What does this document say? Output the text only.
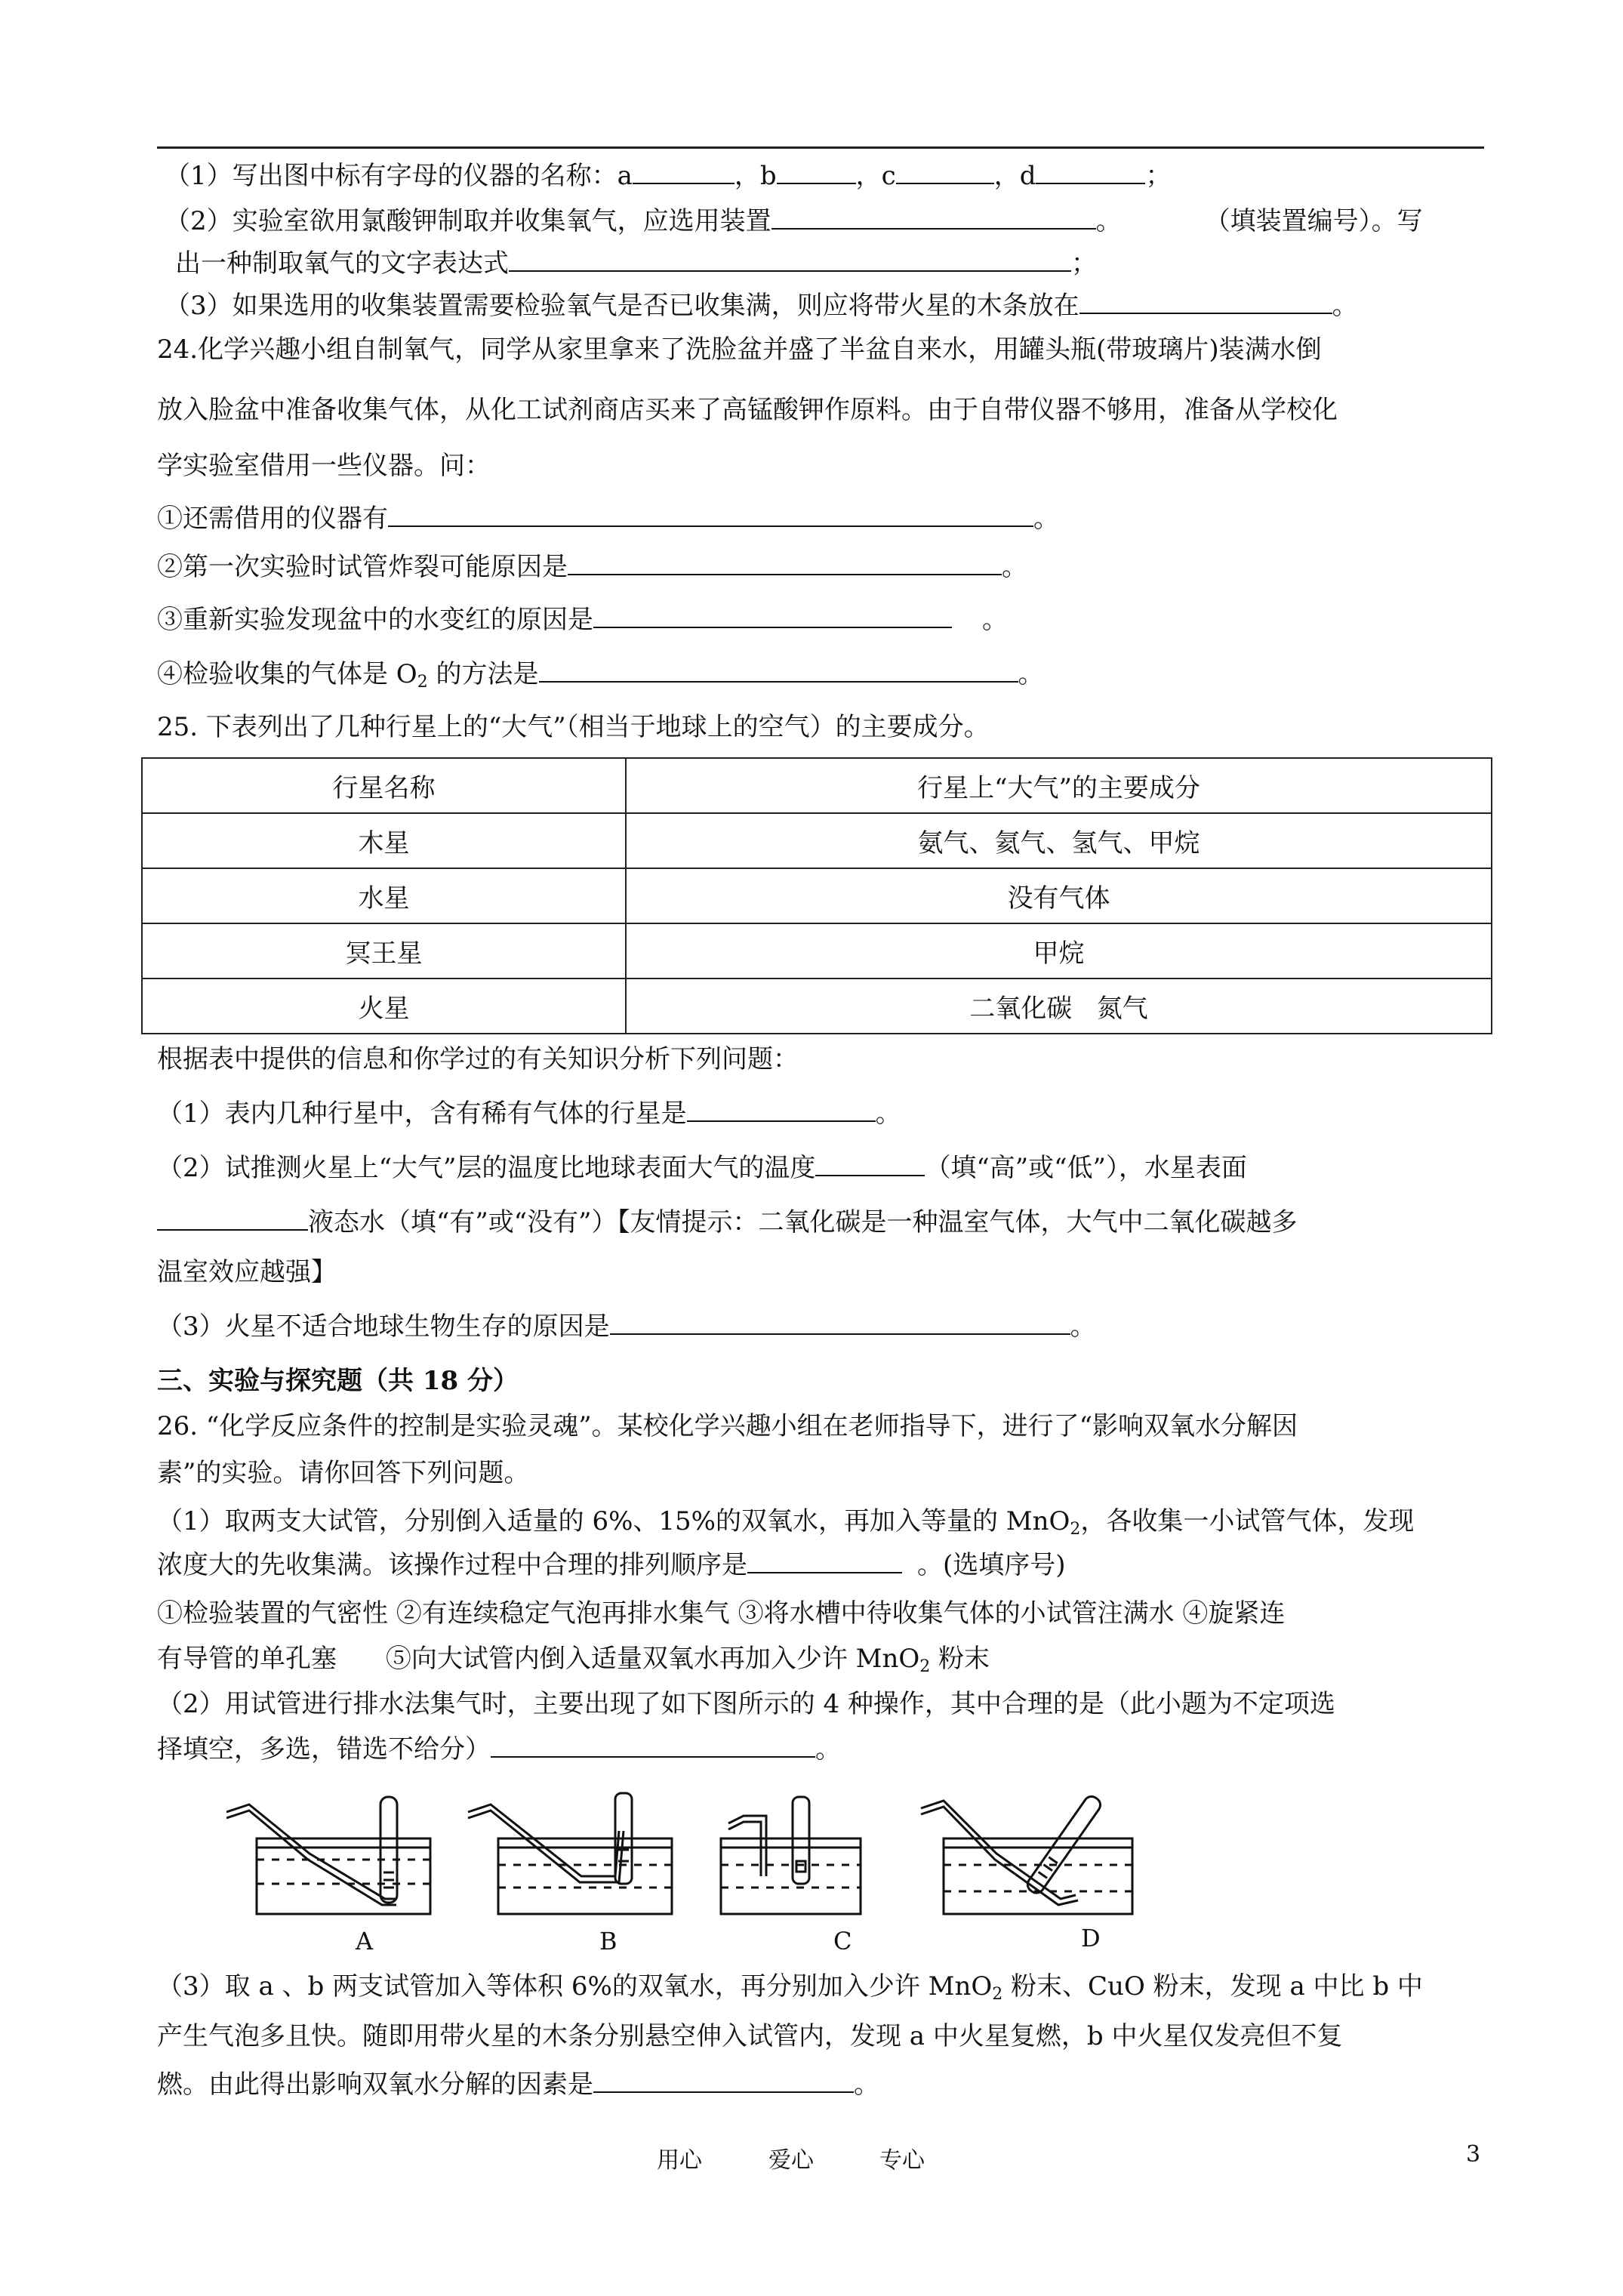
（1）写出图中标有字母的仪器的名称：a	，b	，c	，d	；
（2）实验室欲用氯酸钾制取并收集氧气，应选用装置	。	（填装置编号）。写
出一种制取氧气的文字表达式	；
（3）如果选用的收集装置需要检验氧气是否已收集满，则应将带火星的木条放在	。
24.化学兴趣小组自制氧气，同学从家里拿来了洗脸盆并盛了半盆自来水，用罐头瓶(带玻璃片)装满水倒
放入脸盆中准备收集气体，从化工试剂商店买来了高锰酸钾作原料。由于自带仪器不够用，准备从学校化
学实验室借用一些仪器。问：
①还需借用的仪器有	。
②第一次实验时试管炸裂可能原因是	。
③重新实验发现盆中的水变红的原因是	。
④检验收集的气体是 $O_2$ 的方法是	。
25. 下表列出了几种行星上的“大气”（相当于地球上的空气）的主要成分。
行星名称	行星上“大气”的主要成分
木星	氨气、氦气、氢气、甲烷
水星	没有气体
冥王星	甲烷
火星	二氧化碳   氮气
根据表中提供的信息和你学过的有关知识分析下列问题：
（1）表内几种行星中，含有稀有气体的行星是	。
（2）试推测火星上“大气”层的温度比地球表面大气的温度	（填“高”或“低”），水星表面
液态水（填“有”或“没有”）【友情提示：二氧化碳是一种温室气体，大气中二氧化碳越多
温室效应越强】
（3）火星不适合地球生物生存的原因是	。
三、实验与探究题（共 18 分）
26. “化学反应条件的控制是实验灵魂”。某校化学兴趣小组在老师指导下，进行了“影响双氧水分解因
素”的实验。请你回答下列问题。
（1）取两支大试管，分别倒入适量的 6%、15%的双氧水，再加入等量的 MnO$_2$，各收集一小试管气体，发现
浓度大的先收集满。该操作过程中合理的排列顺序是	。(选填序号)
①检验装置的气密性 ②有连续稳定气泡再排水集气 ③将水槽中待收集气体的小试管注满水 ④旋紧连
有导管的单孔塞      ⑤向大试管内倒入适量双氧水再加入少许 MnO$_2$ 粉末
（2）用试管进行排水法集气时，主要出现了如下图所示的 4 种操作，其中合理的是（此小题为不定项选
择填空，多选，错选不给分）	。
A	B	C	D
（3）取 a 、b 两支试管加入等体积 6%的双氧水，再分别加入少许 MnO$_2$ 粉末、CuO 粉末，发现 a 中比 b 中
产生气泡多且快。随即用带火星的木条分别悬空伸入试管内，发现 a 中火星复燃，b 中火星仅发亮但不复
燃。由此得出影响双氧水分解的因素是	。
用心	爱心	专心	3
